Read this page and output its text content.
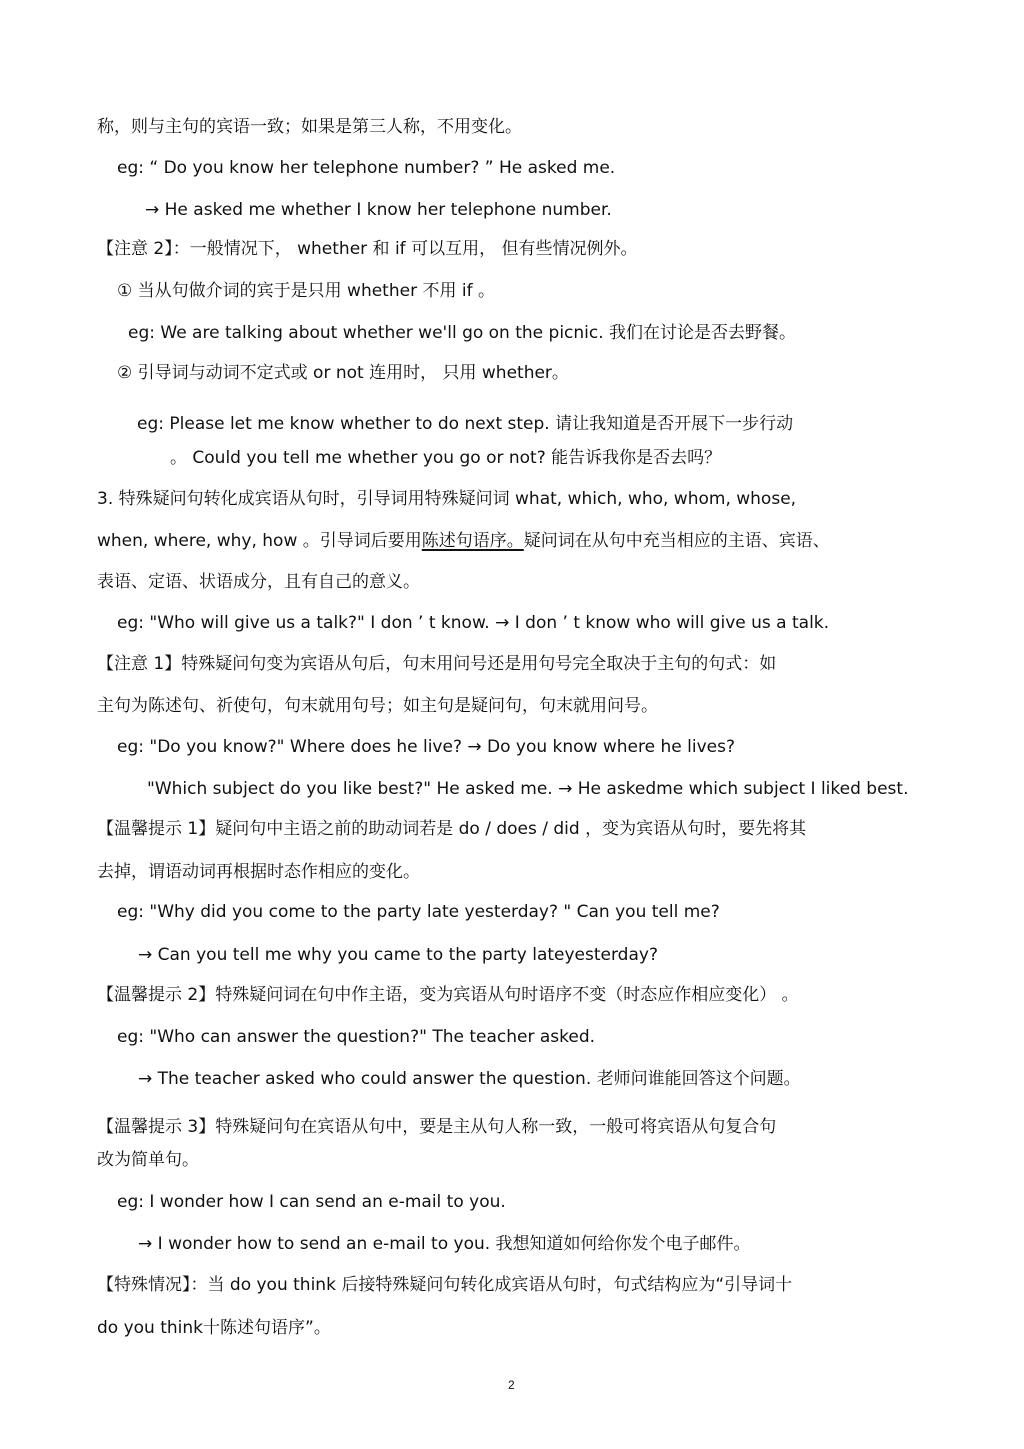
称，则与主句的宾语一致；如果是第三人称，不用变化。
eg: “ Do you know her telephone number? ” He asked me.
→ He asked me whether I know her telephone number.
【注意 2】：一般情况下， whether 和 if 可以互用， 但有些情况例外。
① 当从句做介词的宾于是只用 whether 不用 if 。
eg: We are talking about whether we'll go on the picnic. 我们在讨论是否去野餐。
② 引导词与动词不定式或 or not 连用时， 只用 whether。
eg: Please let me know whether to do next step. 请让我知道是否开展下一步行动
。 Could you tell me whether you go or not? 能告诉我你是否去吗？
3. 特殊疑问句转化成宾语从句时，引导词用特殊疑问词 what, which, who, whom, whose,
when, where, why, how 。引导词后要用陈述句语序。疑问词在从句中充当相应的主语、宾语、
表语、定语、状语成分，且有自己的意义。
eg: "Who will give us a talk?" I don ’ t know. → I don ’ t know who will give us a talk.
【注意 1】特殊疑问句变为宾语从句后，句末用问号还是用句号完全取决于主句的句式：如
主句为陈述句、祈使句，句末就用句号；如主句是疑问句，句末就用问号。
eg: "Do you know?" Where does he live? → Do you know where he lives?
"Which subject do you like best?" He asked me. → He askedme which subject I liked best.
【温馨提示 1】疑问句中主语之前的助动词若是 do / does / did ，变为宾语从句时，要先将其
去掉，谓语动词再根据时态作相应的变化。
eg: "Why did you come to the party late yesterday? " Can you tell me?
→ Can you tell me why you came to the party lateyesterday?
【温馨提示 2】特殊疑问词在句中作主语，变为宾语从句时语序不变（时态应作相应变化） 。
eg: "Who can answer the question?" The teacher asked.
→ The teacher asked who could answer the question. 老师问谁能回答这个问题。
【温馨提示 3】特殊疑问句在宾语从句中，要是主从句人称一致，一般可将宾语从句复合句
改为简单句。
eg: I wonder how I can send an e-mail to you.
→ I wonder how to send an e-mail to you. 我想知道如何给你发个电子邮件。
【特殊情况】：当 do you think 后接特殊疑问句转化成宾语从句时，句式结构应为“引导词十
do you think十陈述句语序”。
2
